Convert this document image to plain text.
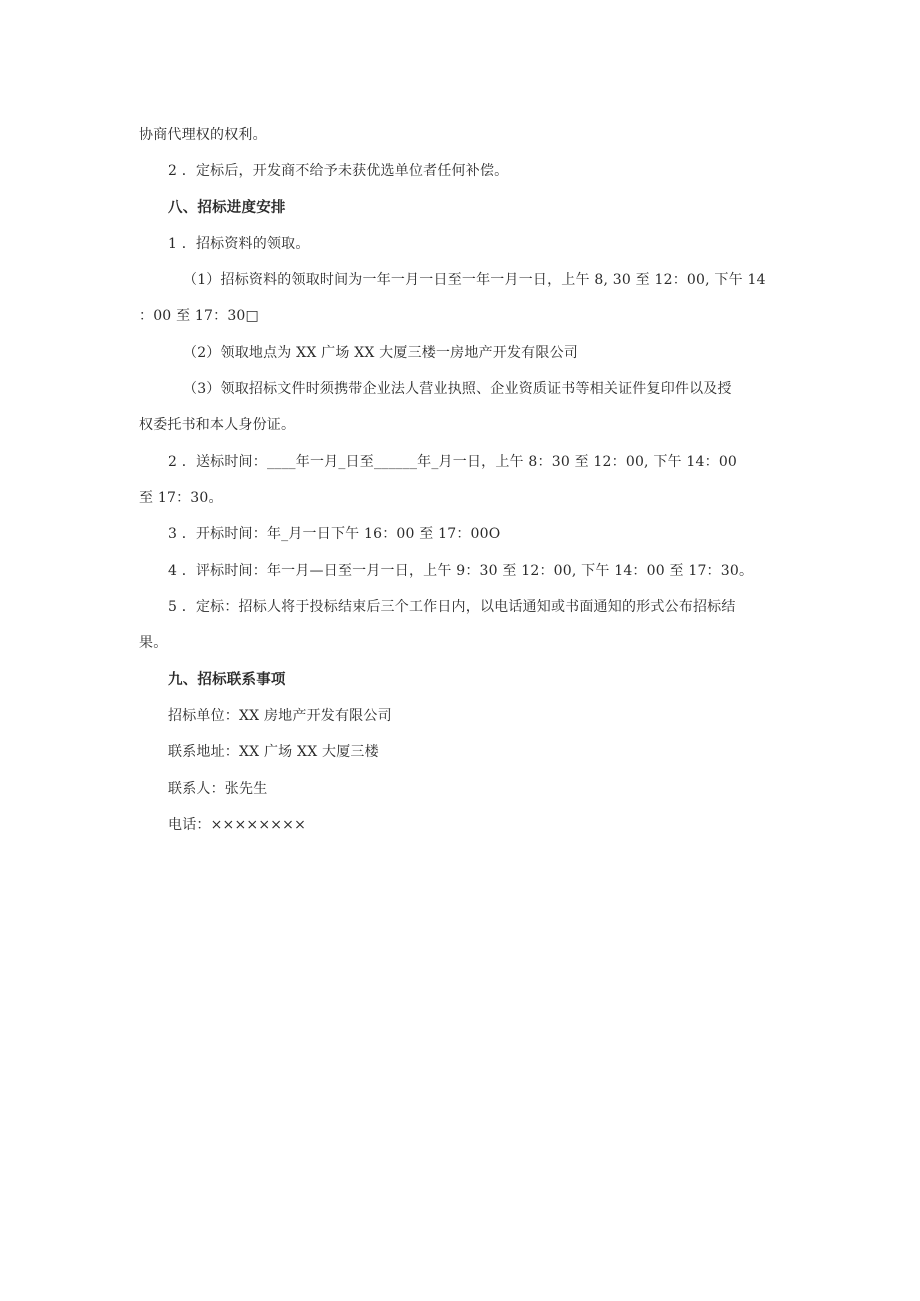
协商代理权的权利。
2 ．定标后，开发商不给予未获优选单位者任何补偿。
八、招标进度安排
1 ．招标资料的领取。
（1）招标资料的领取时间为一年一月一日至一年一月一日，上午 8, 30 至 12：00, 下午 14
：00 至 17：30□
（2）领取地点为 XX 广场 XX 大厦三楼一房地产开发有限公司
（3）领取招标文件时须携带企业法人营业执照、企业资质证书等相关证件复印件以及授
权委托书和本人身份证。
2 ．送标时间：____年一月_日至______年_月一日，上午 8：30 至 12：00, 下午 14：00
至 17：30。
3 ．开标时间：年_月一日下午 16：00 至 17：00O
4 ．评标时间：年一月—日至一月一日，上午 9：30 至 12：00, 下午 14：00 至 17：30。
5 ．定标：招标人将于投标结束后三个工作日内，以电话通知或书面通知的形式公布招标结
果。
九、招标联系事项
招标单位：XX 房地产开发有限公司
联系地址：XX 广场 XX 大厦三楼
联系人：张先生
电话：××××××××
